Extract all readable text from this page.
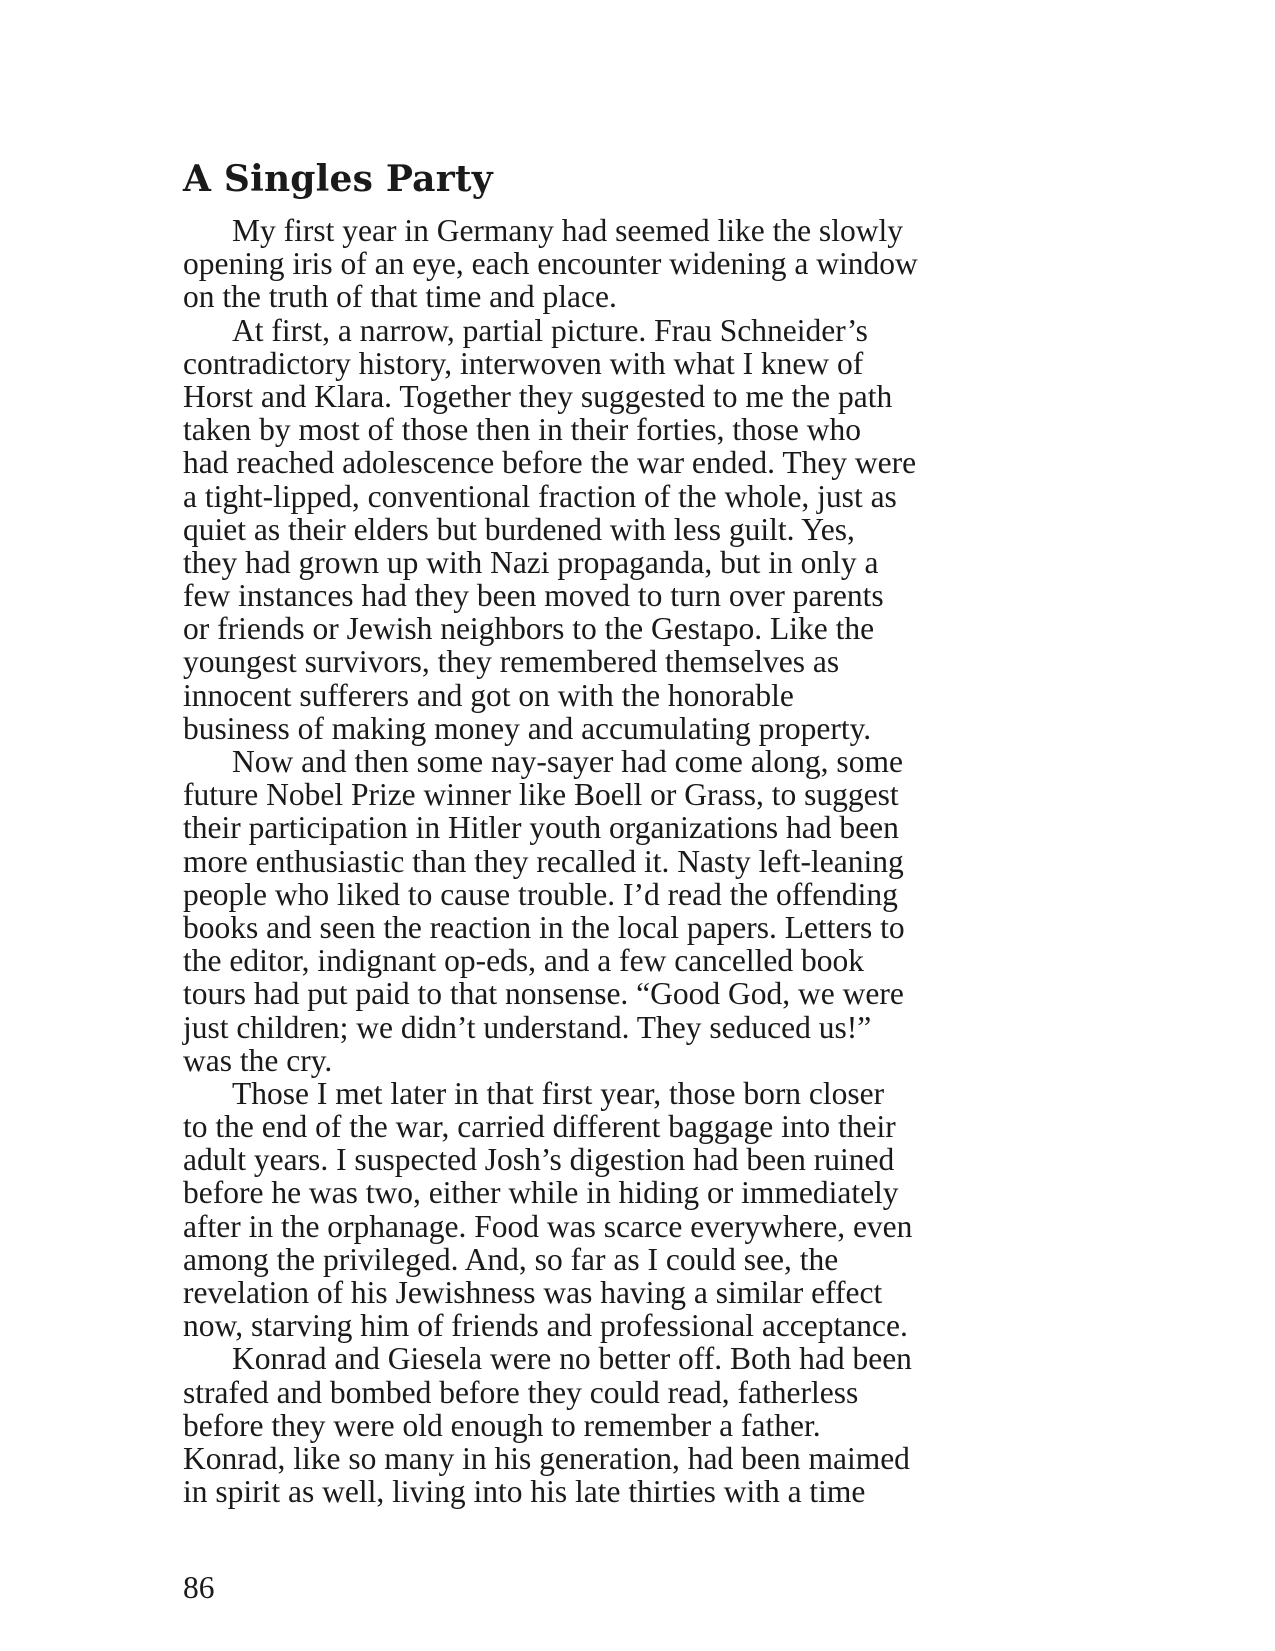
A Singles Party
My first year in Germany had seemed like the slowly
opening iris of an eye, each encounter widening a window
on the truth of that time and place.
At first, a narrow, partial picture. Frau Schneider’s
contradictory history, interwoven with what I knew of
Horst and Klara. Together they suggested to me the path
taken by most of those then in their forties, those who
had reached adolescence before the war ended. They were
a tight-lipped, conventional fraction of the whole, just as
quiet as their elders but burdened with less guilt. Yes,
they had grown up with Nazi propaganda, but in only a
few instances had they been moved to turn over parents
or friends or Jewish neighbors to the Gestapo. Like the
youngest survivors, they remembered themselves as
innocent sufferers and got on with the honorable
business of making money and accumulating property.
Now and then some nay-sayer had come along, some
future Nobel Prize winner like Boell or Grass, to suggest
their participation in Hitler youth organizations had been
more enthusiastic than they recalled it. Nasty left-leaning
people who liked to cause trouble. I’d read the offending
books and seen the reaction in the local papers. Letters to
the editor, indignant op-eds, and a few cancelled book
tours had put paid to that nonsense. “Good God, we were
just children; we didn’t understand. They seduced us!”
was the cry.
Those I met later in that first year, those born closer
to the end of the war, carried different baggage into their
adult years. I suspected Josh’s digestion had been ruined
before he was two, either while in hiding or immediately
after in the orphanage. Food was scarce everywhere, even
among the privileged. And, so far as I could see, the
revelation of his Jewishness was having a similar effect
now, starving him of friends and professional acceptance.
Konrad and Giesela were no better off. Both had been
strafed and bombed before they could read, fatherless
before they were old enough to remember a father.
Konrad, like so many in his generation, had been maimed
in spirit as well, living into his late thirties with a time
86
